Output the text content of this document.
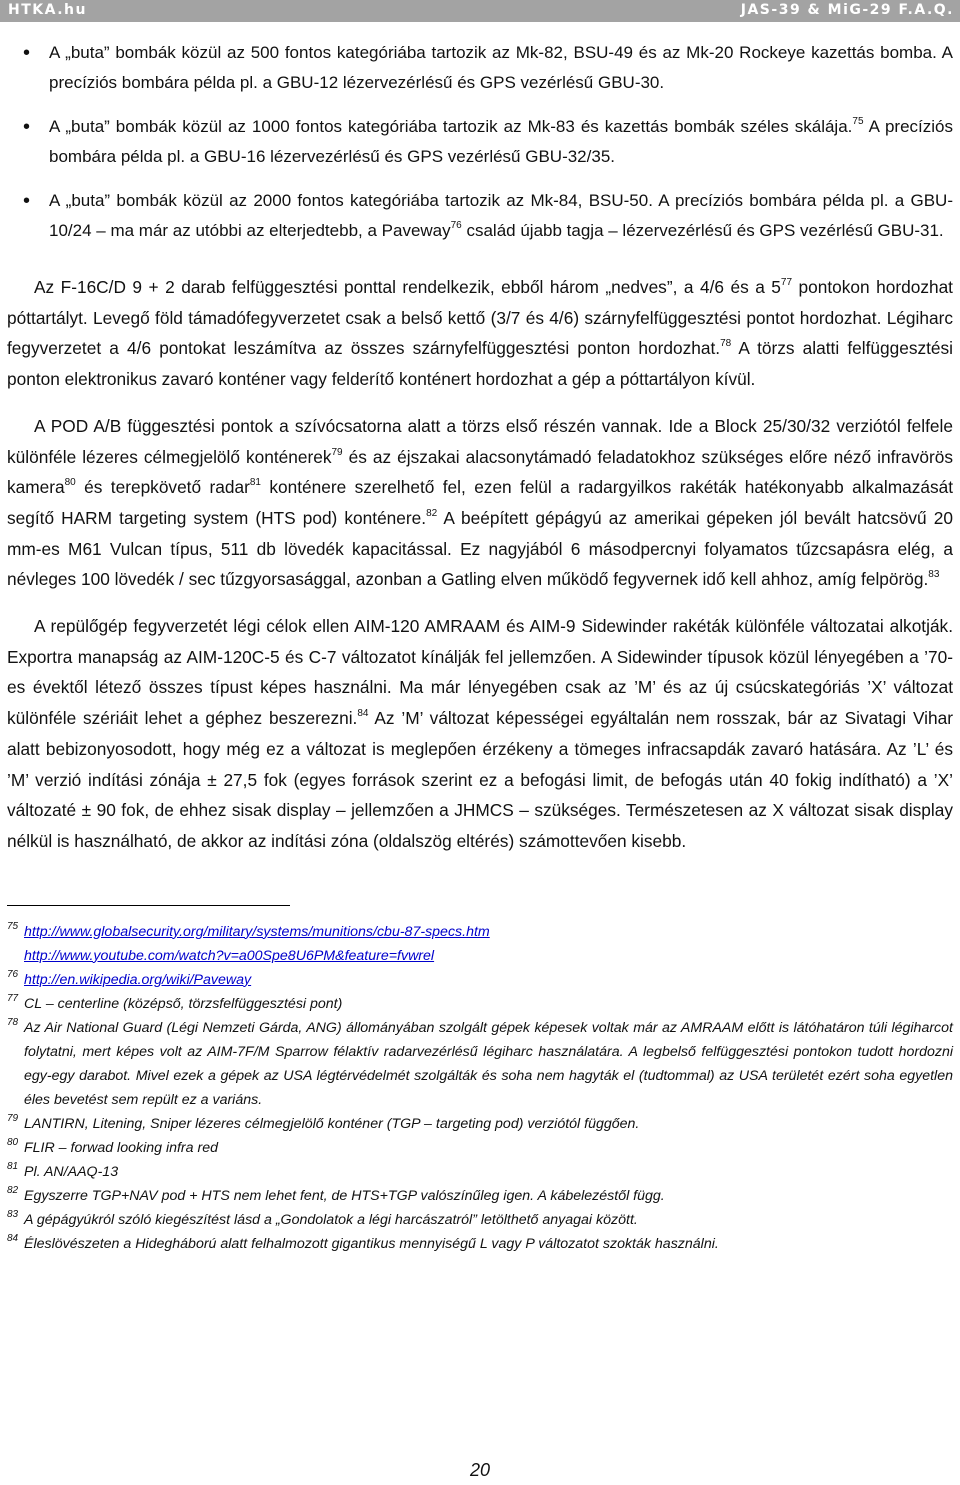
HTKA.hu	JAS-39 & MiG-29 F.A.Q.
• A „buta” bombák közül az 500 fontos kategóriába tartozik az Mk-82, BSU-49 és az Mk-20 Rockeye kazettás bomba. A precíziós bombára példa pl. a GBU-12 lézervezérlésű és GPS vezérlésű GBU-30.
• A „buta” bombák közül az 1000 fontos kategóriába tartozik az Mk-83 és kazettás bombák széles skálája.$^{75}$ A precíziós bombára példa pl. a GBU-16 lézervezérlésű és GPS vezérlésű GBU-32/35.
• A „buta” bombák közül az 2000 fontos kategóriába tartozik az Mk-84, BSU-50. A precíziós bombára példa pl. a GBU-10/24 – ma már az utóbbi az elterjedtebb, a Paveway$^{76}$ család újabb tagja – lézervezérlésű és GPS vezérlésű GBU-31.

Az F-16C/D 9 + 2 darab felfüggesztési ponttal rendelkezik, ebből három „nedves”, a 4/6 és a $5^{77}$ pontokon hordozhat póttartályt. Levegő föld támadófegyverzetet csak a belső kettő (3/7 és 4/6) szárnyfelfüggesztési pontot hordozhat. Légiharc fegyverzetet a 4/6 pontokat leszámítva az összes szárnyfelfüggesztési ponton hordozhat.$^{78}$ A törzs alatti felfüggesztési ponton elektronikus zavaró konténer vagy felderítő konténert hordozhat a gép a póttartályon kívül.

A POD A/B függesztési pontok a szívócsatorna alatt a törzs első részén vannak. Ide a Block 25/30/32 verziótól felfele különféle lézeres célmegjelölő konténerek$^{79}$ és az éjszakai alacsonytámadó feladatokhoz szükséges előre néző infravörös kamera$^{80}$ és terepkövető radar$^{81}$ konténere szerelhető fel, ezen felül a radargyilkos rakéták hatékonyabb alkalmazását segítő HARM targeting system (HTS pod) konténere.$^{82}$ A beépített gépágyú az amerikai gépeken jól bevált hatcsövű 20 mm-es M61 Vulcan típus, 511 db lövedék kapacitással. Ez nagyjából 6 másodpercnyi folyamatos tűzcsapásra elég, a névleges 100 lövedék / sec tűzgyorsasággal, azonban a Gatling elven működő fegyvernek idő kell ahhoz, amíg felpörög.$^{83}$

A repülőgép fegyverzetét légi célok ellen AIM-120 AMRAAM és AIM-9 Sidewinder rakéták különféle változatai alkotják. Exportra manapság az AIM-120C-5 és C-7 változatot kínálják fel jellemzően. A Sidewinder típusok közül lényegében a ’70-es évektől létező összes típust képes használni. Ma már lényegében csak az ’M’ és az új csúcskategóriás ’X’ változat különféle szériáit lehet a géphez beszerezni.$^{84}$ Az ’M’ változat képességei egyáltalán nem rosszak, bár az Sivatagi Vihar alatt bebizonyosodott, hogy még ez a változat is meglepően érzékeny a tömeges infracsapdák zavaró hatására. Az ’L’ és ’M’ verzió indítási zónája ± 27,5 fok (egyes források szerint ez a befogási limit, de befogás után 40 fokig indítható) a ’X’ változaté ± 90 fok, de ehhez sisak display – jellemzően a JHMCS – szükséges. Természetesen az X változat sisak display nélkül is használható, de akkor az indítási zóna (oldalszög eltérés) számottevően kisebb.

75 http://www.globalsecurity.org/military/systems/munitions/cbu-87-specs.htm
http://www.youtube.com/watch?v=a00Spe8U6PM&feature=fvwrel
76 http://en.wikipedia.org/wiki/Paveway
77 CL – centerline (középső, törzsfelfüggesztési pont)
78 Az Air National Guard (Légi Nemzeti Gárda, ANG) állományában szolgált gépek képesek voltak már az AMRAAM előtt is látóhatáron túli légiharcot folytatni, mert képes volt az AIM-7F/M Sparrow félaktív radarvezérlésű légiharc használatára. A legbelső felfüggesztési pontokon tudott hordozni egy-egy darabot. Mivel ezek a gépek az USA légtérvédelmét szolgálták és soha nem hagyták el (tudtommal) az USA területét ezért soha egyetlen éles bevetést sem repült ez a variáns.
79 LANTIRN, Litening, Sniper lézeres célmegjelölő konténer (TGP – targeting pod) verziótól függően.
80 FLIR – forwad looking infra red
81 Pl. AN/AAQ-13
82 Egyszerre TGP+NAV pod + HTS nem lehet fent, de HTS+TGP valószínűleg igen. A kábelezéstől függ.
83 A gépágyúkról szóló kiegészítést lásd a „Gondolatok a légi harcászatról” letölthető anyagai között.
84 Éleslövészeten a Hidegháború alatt felhalmozott gigantikus mennyiségű L vagy P változatot szokták használni.
20
